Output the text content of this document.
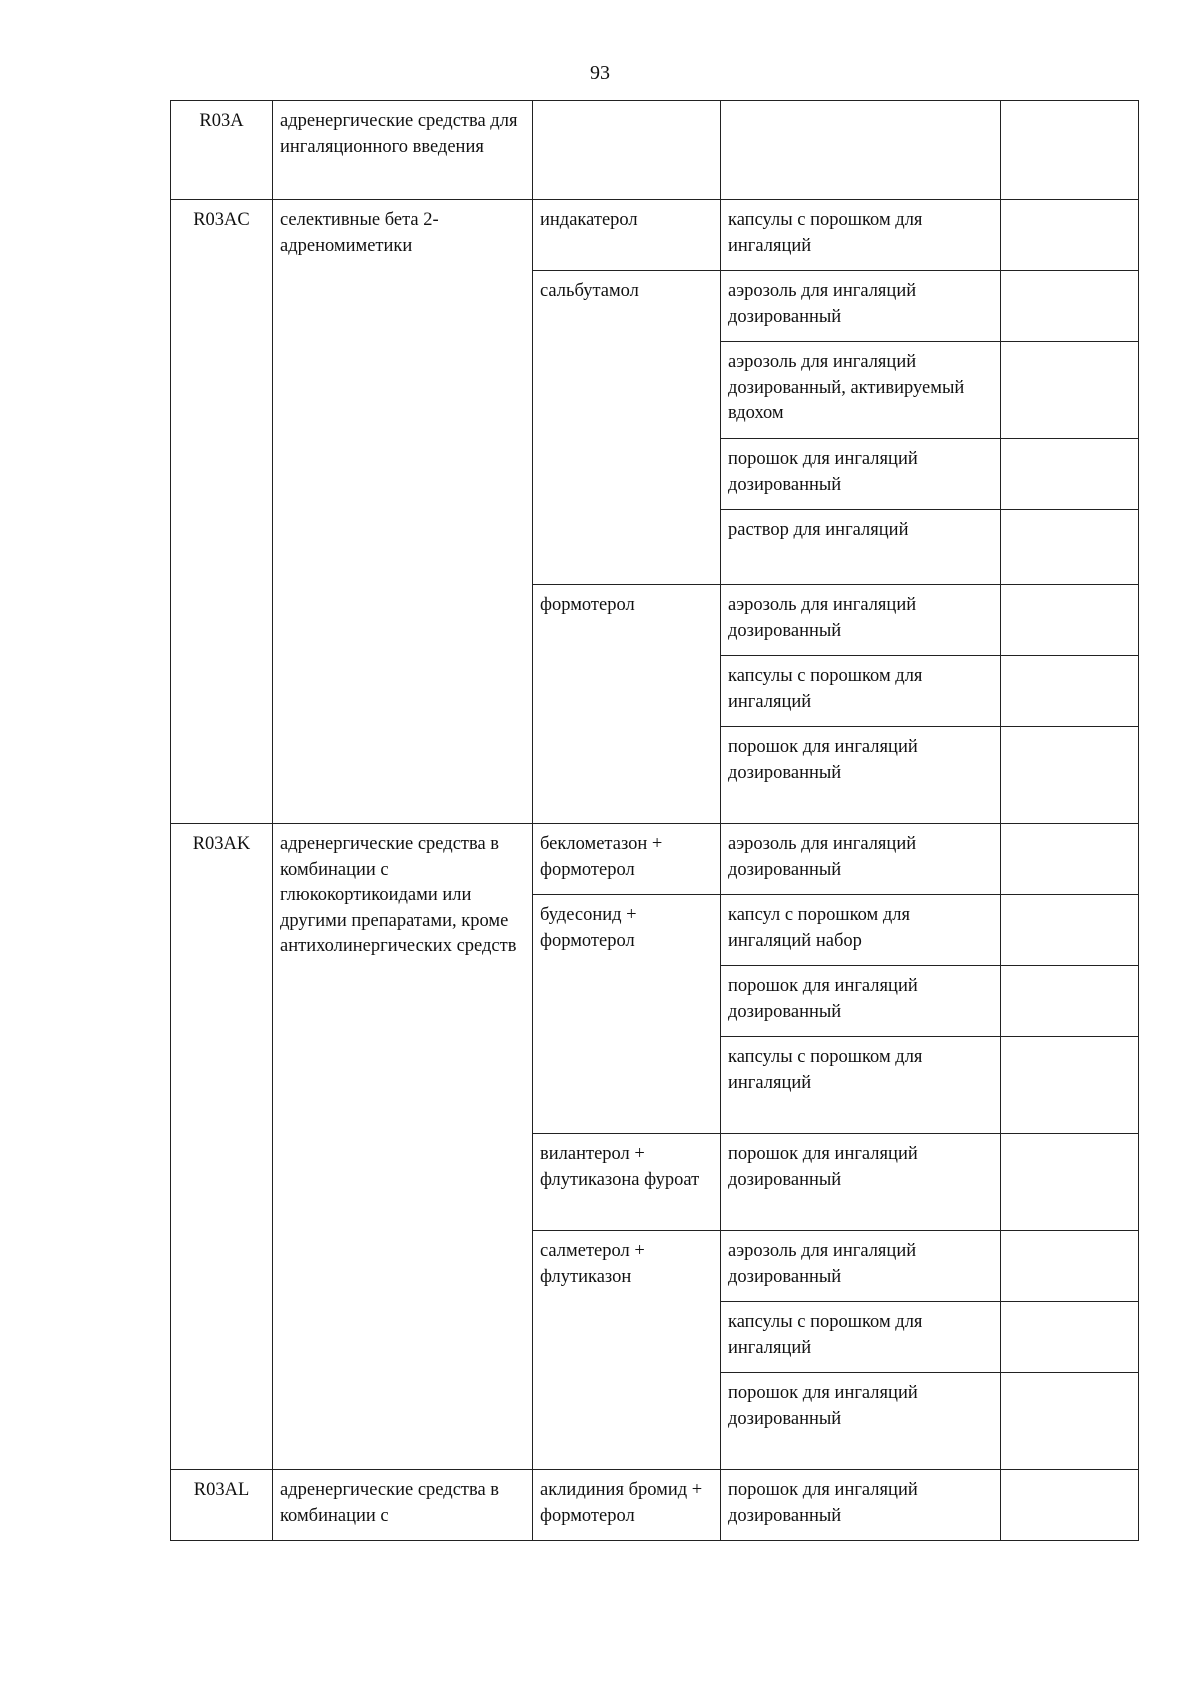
93
R03A	адренергические средства для ингаляционного введения			
R03AC	селективные бета 2-адреномиметики	индакатерол	капсулы с порошком для ингаляций	
		сальбутамол	аэрозоль для ингаляций дозированный	
			аэрозоль для ингаляций дозированный, активируемый вдохом	
			порошок для ингаляций дозированный	
			раствор для ингаляций	
		формотерол	аэрозоль для ингаляций дозированный	
			капсулы с порошком для ингаляций	
			порошок для ингаляций дозированный	
R03AK	адренергические средства в комбинации с глюкокортикоидами или другими препаратами, кроме антихолинергических средств	беклометазон + формотерол	аэрозоль для ингаляций дозированный	
		будесонид + формотерол	капсул с порошком для ингаляций набор	
			порошок для ингаляций дозированный	
			капсулы с порошком для ингаляций	
		вилантерол + флутиказона фуроат	порошок для ингаляций дозированный	
		салметерол + флутиказон	аэрозоль для ингаляций дозированный	
			капсулы с порошком для ингаляций	
			порошок для ингаляций дозированный	
R03AL	адренергические средства в комбинации с	аклидиния бромид + формотерол	порошок для ингаляций дозированный	
